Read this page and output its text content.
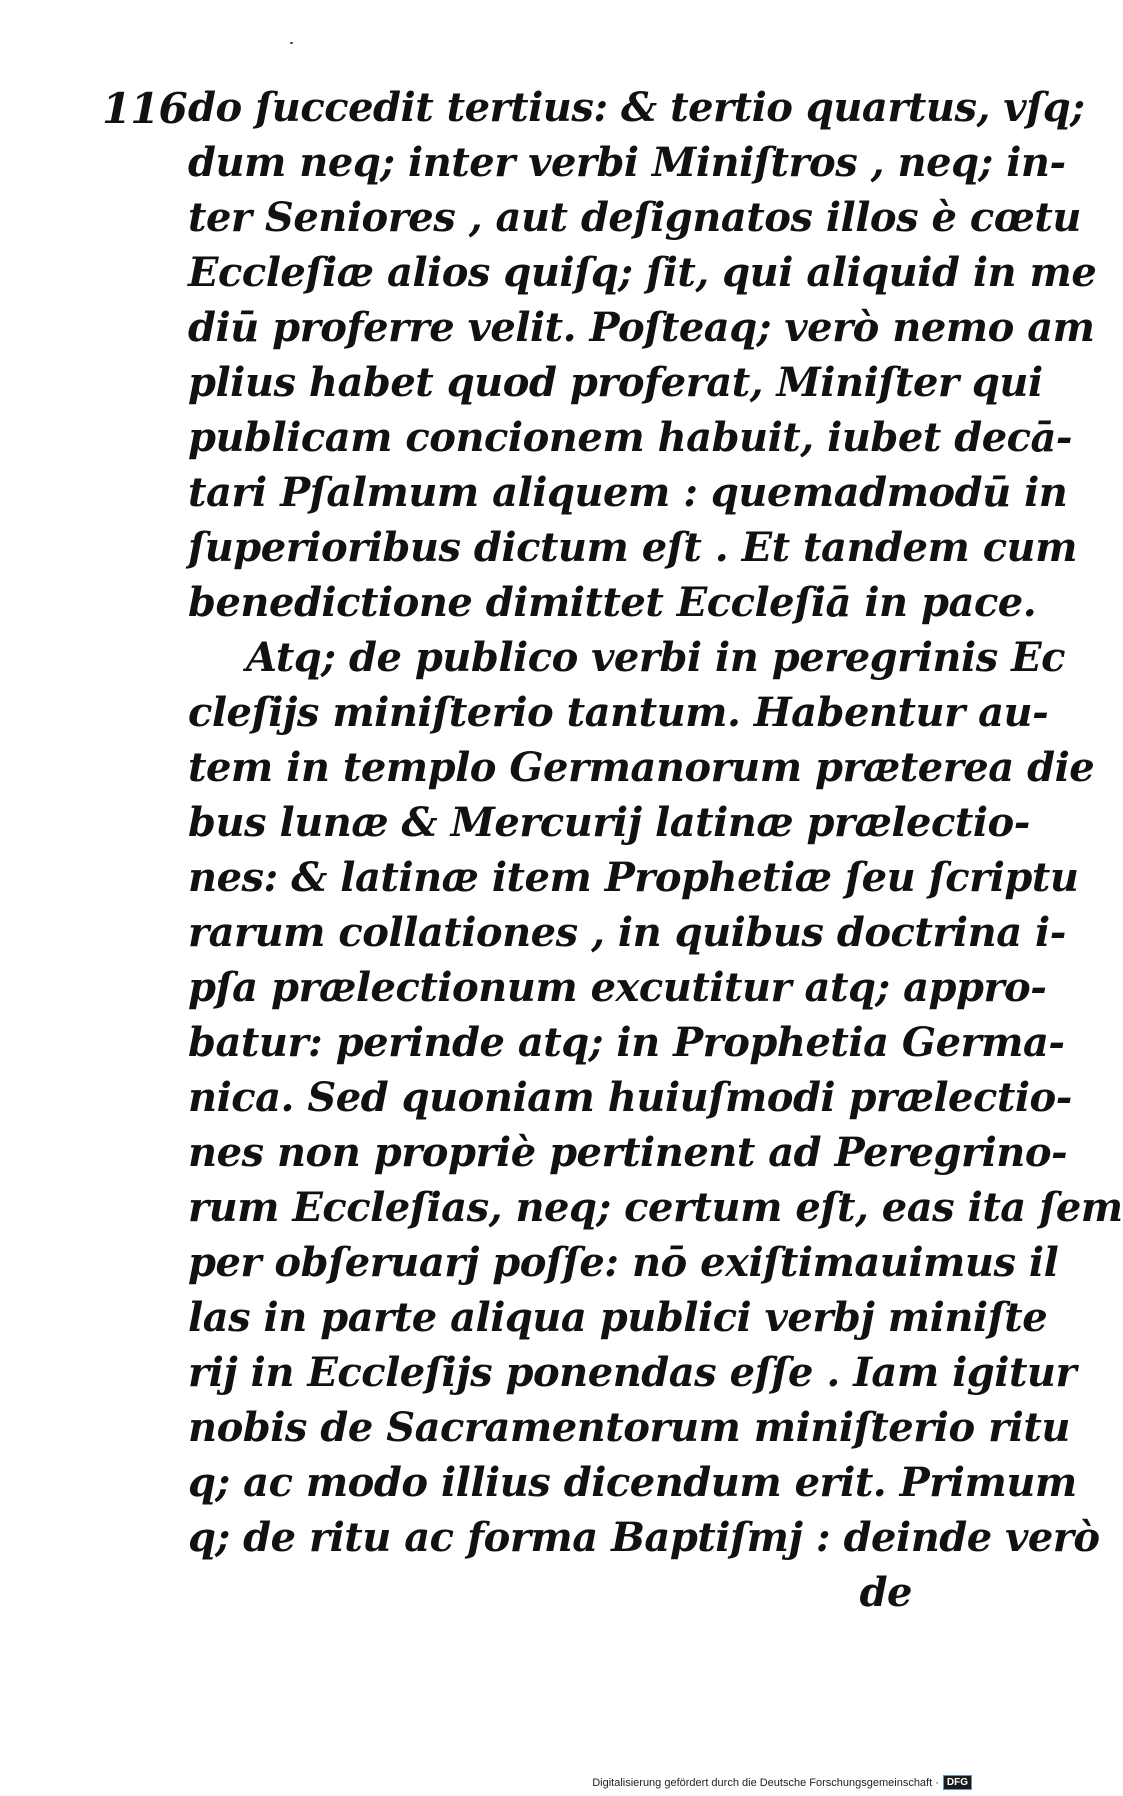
116 do ſuccedit tertius: & tertio quartus, vſq;
dum neq; inter verbi Miniſtros , neq; in-
ter Seniores , aut deſignatos illos è cœtu
Eccleſiæ alios quiſq; ſit, qui aliquid in me
diū proferre velit. Poſteaq; verò nemo am
plius habet quod proferat, Miniſter qui
publicam concionem habuit, iubet decā-
tari Pſalmum aliquem : quemadmodū in
ſuperioribus dictum eſt . Et tandem cum
benedictione dimittet Eccleſiā in pace.
Atq; de publico verbi in peregrinis Ec
cleſijs miniſterio tantum. Habentur au-
tem in templo Germanorum præterea die
bus lunæ & Mercurij latinæ prælectio-
nes: & latinæ item Prophetiæ ſeu ſcriptu
rarum collationes , in quibus doctrina i-
pſa prælectionum excutitur atq; appro-
batur: perinde atq; in Prophetia Germa-
nica. Sed quoniam huiuſmodi prælectio-
nes non propriè pertinent ad Peregrino-
rum Eccleſias, neq; certum eſt, eas ita ſem
per obſeruarj poſſe: nō exiſtimauimus il
las in parte aliqua publici verbj miniſte
rij in Eccleſijs ponendas eſſe . Iam igitur
nobis de Sacramentorum miniſterio ritu
q; ac modo illius dicendum erit. Primum
q; de ritu ac forma Baptiſmj : deinde verò
de
Digitalisierung gefördert durch die Deutsche Forschungsgemeinschaft · DFG
